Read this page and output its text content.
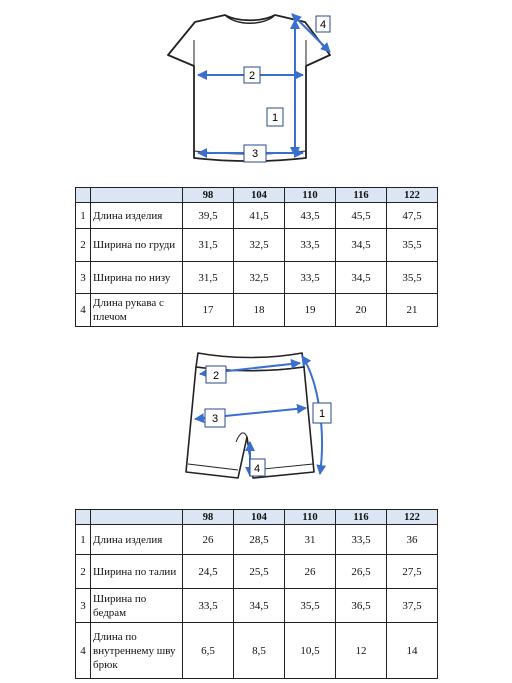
4
2
1
3
		98	104	110	116	122
1	Длина изделия	39,5	41,5	43,5	45,5	47,5
2	Ширина по груди	31,5	32,5	33,5	34,5	35,5
3	Ширина по низу	31,5	32,5	33,5	34,5	35,5
4	Длина рукава с плечом	17	18	19	20	21
2
3	1
4
		98	104	110	116	122
1	Длина изделия	26	28,5	31	33,5	36
2	Ширина по талии	24,5	25,5	26	26,5	27,5
3	Ширина по бедрам	33,5	34,5	35,5	36,5	37,5
4	Длина по внутреннему шву брюк	6,5	8,5	10,5	12	14
